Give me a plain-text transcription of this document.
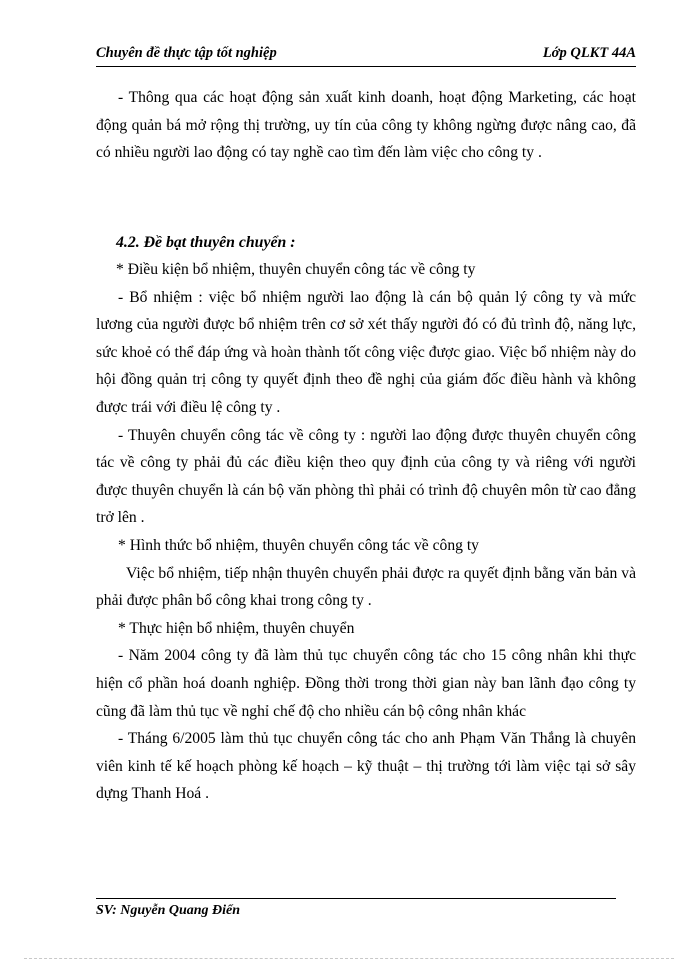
Chuyên đề thực tập tốt nghiệp	Lớp QLKT 44A

- Thông qua các hoạt động sản xuất kinh doanh, hoạt động Marketing, các hoạt động quản bá mở rộng thị trường, uy tín của công ty không ngừng được nâng cao, đã có nhiều người lao động có tay nghề cao tìm đến làm việc cho công ty .

4.2. Đề bạt thuyên chuyển :

* Điều kiện bổ nhiệm, thuyên chuyển công tác về công ty

- Bổ nhiệm : việc bổ nhiệm người lao động là cán bộ quản lý công ty và mức lương của người được bổ nhiệm trên cơ sở xét thấy người đó có đủ trình độ, năng lực, sức khoẻ có thể đáp ứng và hoàn thành tốt công việc được giao. Việc bổ nhiệm này do hội đồng quản trị công ty quyết định theo đề nghị của giám đốc điều hành và không được trái với điều lệ công ty .

- Thuyên chuyển công tác về công ty : người lao động được thuyên chuyển công tác về công ty phải đủ các điều kiện theo quy định của công ty và riêng với người được thuyên chuyển là cán bộ văn phòng thì phải có trình độ chuyên môn từ cao đẳng trở lên .

* Hình thức bổ nhiệm, thuyên chuyển công tác về công ty

Việc bổ nhiệm, tiếp nhận thuyên chuyển phải được ra quyết định bằng văn bản và phải được phân bổ công khai trong công ty .

* Thực hiện bổ nhiệm, thuyên chuyển

- Năm 2004 công ty đã làm thủ tục chuyển công tác cho 15 công nhân khi thực hiện cổ phần hoá doanh nghiệp. Đồng thời trong thời gian này ban lãnh đạo công ty cũng đã làm thủ tục về nghỉ chế độ cho nhiều cán bộ công nhân khác

- Tháng 6/2005 làm thủ tục chuyển công tác cho anh Phạm Văn Thắng là chuyên viên kinh tế kế hoạch phòng kế hoạch – kỹ thuật – thị trường tới làm việc tại sở sây dựng Thanh Hoá .

SV: Nguyễn Quang Điển
